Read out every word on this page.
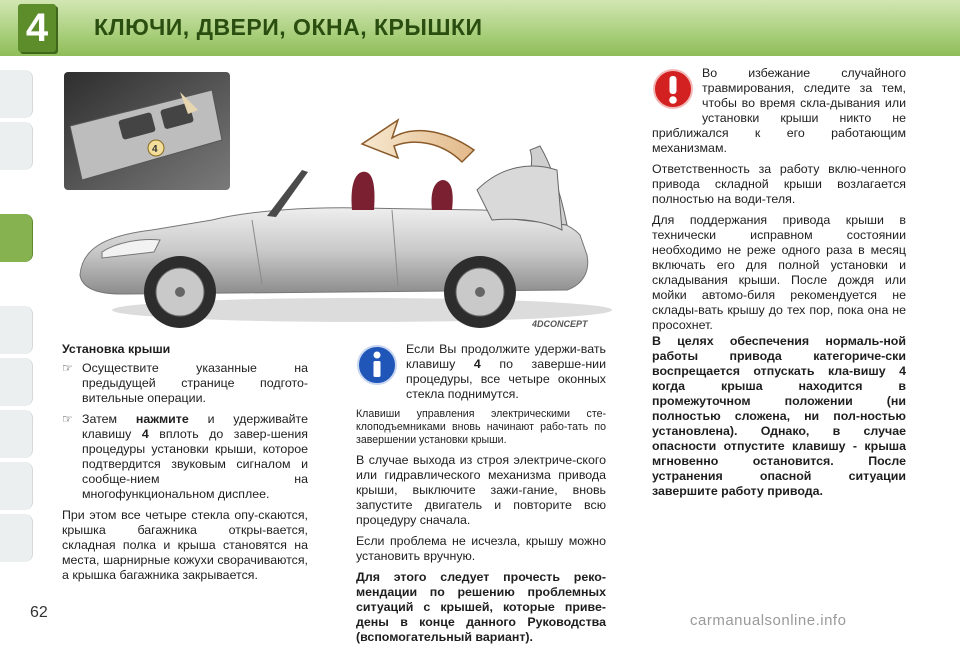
4	КЛЮЧИ, ДВЕРИ, ОКНА, КРЫШКИ
4
4DCONCEPT
Установка крыши
☞ Осуществите указанные на предыдущей странице подгото-вительные операции.
☞ Затем нажмите и удерживайте клавишу 4 вплоть до завер-шения процедуры установки крыши, которое подтвердится звуковым сигналом и сообще-нием на многофункциональном дисплее.

При этом все четыре стекла опу-скаются, крышка багажника откры-вается, складная полка и крыша становятся на места, шарнирные кожухи сворачиваются, а крышка багажника закрывается.

Если Вы продолжите удержи-вать клавишу 4 по заверше-нии процедуры, все четыре оконных стекла поднимутся.

Клавиши управления электрическими сте-клоподъемниками вновь начинают рабо-тать по завершении установки крыши.

В случае выхода из строя электриче-ского или гидравлического механизма привода крыши, выключите зажи-гание, вновь запустите двигатель и повторите всю процедуру сначала.

Если проблема не исчезла, крышу можно установить вручную.

Для этого следует прочесть реко-мендации по решению проблемных ситуаций с крышей, которые приве-дены в конце данного Руководства (вспомогательный вариант).

Во избежание случайного травмирования, следите за тем, чтобы во время скла-дывания или установки крыши никто не приближался к его работающим механизмам.

Ответственность за работу вклю-ченного привода складной крыши возлагается полностью на води-теля.

Для поддержания привода крыши в технически исправном состоянии необходимо не реже одного раза в месяц включать его для полной установки и складывания крыши. После дождя или мойки автомо-биля рекомендуется не склады-вать крышу до тех пор, пока она не просохнет.

В целях обеспечения нормаль-ной работы привода категориче-ски воспрещается отпускать кла-вишу 4 когда крыша находится в промежуточном положении (ни полностью сложена, ни пол-ностью установлена). Однако, в случае опасности отпустите клавишу - крыша мгновенно остановится. После устранения опасной ситуации завершите работу привода.

62	carmanualsonline.info
